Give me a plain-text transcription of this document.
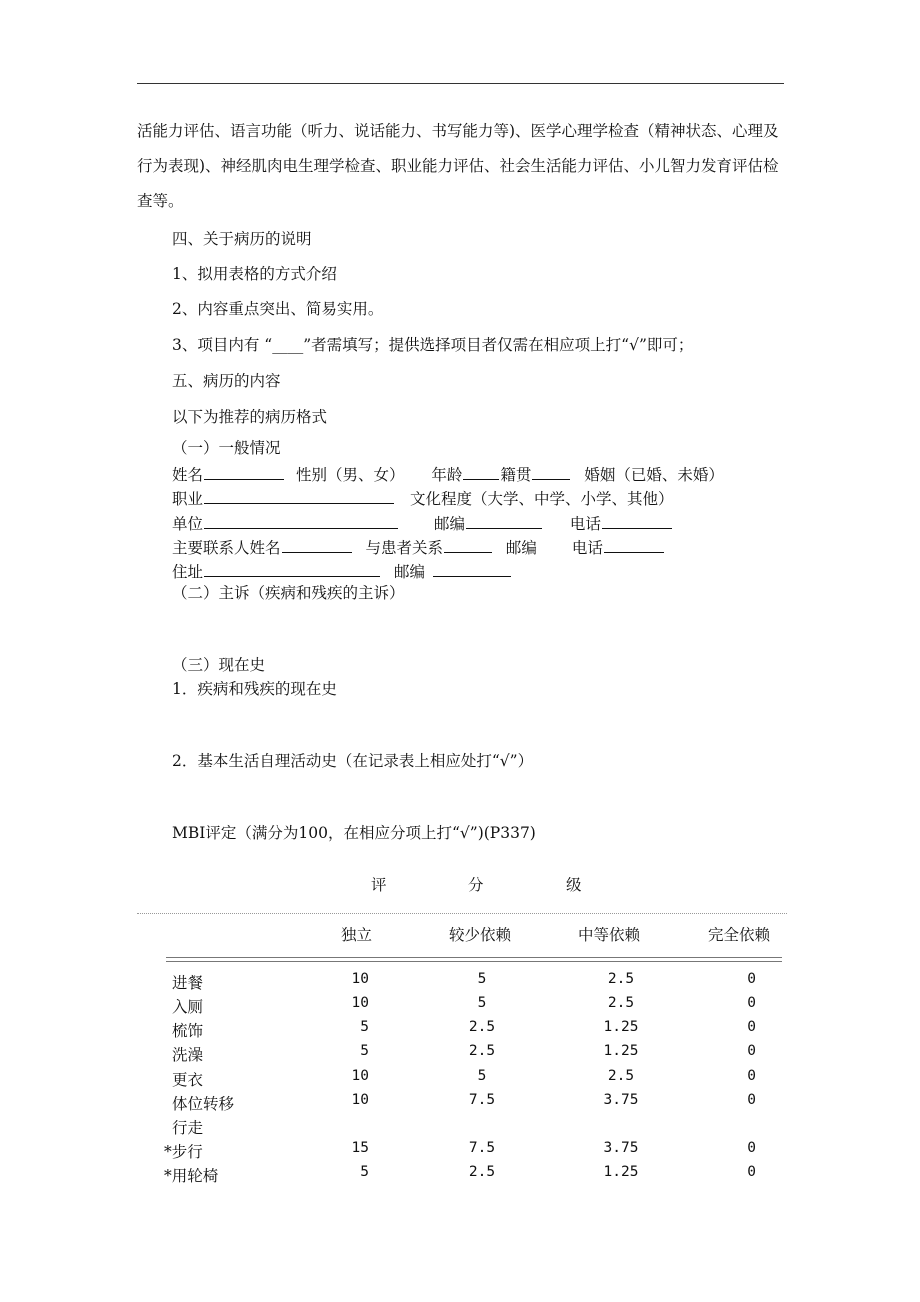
活能力评估、语言功能（听力、说话能力、书写能力等)、医学心理学检查（精神状态、心理及行为表现)、神经肌肉电生理学检查、职业能力评估、社会生活能力评估、小儿智力发育评估检查等。
四、关于病历的说明
1、拟用表格的方式介绍
2、内容重点突出、简易实用。
3、项目内有 “____”者需填写；提供选择项目者仅需在相应项上打“√”即可；
五、病历的内容
以下为推荐的病历格式
（一）一般情况
姓名	性别（男、女） 年龄 籍贯	婚姻（已婚、未婚）
职业	文化程度（大学、中学、小学、其他）
单位	邮编	电话
主要联系人姓名	与患者关系	邮编 电话
住址	邮编
（二）主诉（疾病和残疾的主诉）
（三）现在史
1．疾病和残疾的现在史
2．基本生活自理活动史（在记录表上相应处打“√”）
MBI评定（满分为100，在相应分项上打“√”)(P337)
评	分	级
独立	较少依赖	中等依赖	完全依赖
进餐	10	5	2.5	0
入厕	10	5	2.5	0
梳饰	5	2.5	1.25	0
洗澡	5	2.5	1.25	0
更衣	10	5	2.5	0
体位转移	10	7.5	3.75	0
行走
*步行	15	7.5	3.75	0
*用轮椅	5	2.5	1.25	0
